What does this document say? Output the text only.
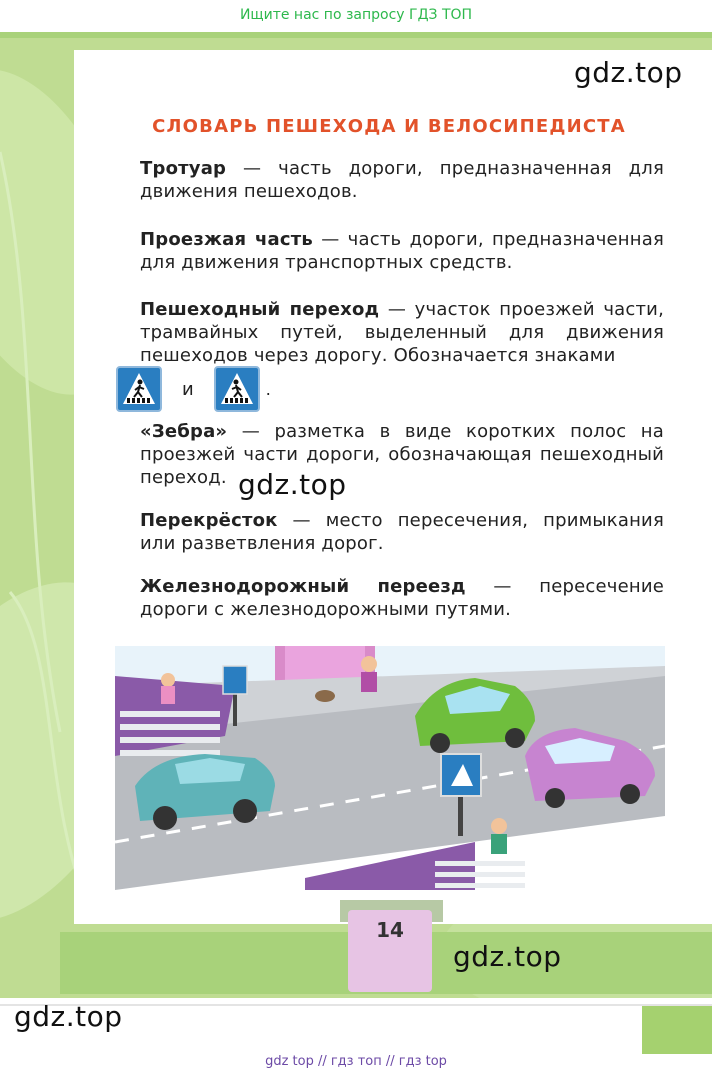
Ищите нас по запросу ГДЗ ТОП
gdz.top
СЛОВАРЬ ПЕШЕХОДА И ВЕЛОСИПЕДИСТА
Тротуар — часть дороги, предназначенная для движения пешеходов.
Проезжая часть — часть дороги, предназначенная для движения транспортных средств.
Пешеходный переход — участок проезжей части, трамвайных путей, выделенный для движения пешеходов через дорогу. Обозначается знаками
и	.
«Зебра» — разметка в виде коротких полос на проезжей части дороги, обозначающая пешеходный переход. gdz.top
Перекрёсток — место пересечения, примыкания или разветвления дорог.
Железнодорожный переезд — пересечение дороги с железнодорожными путями.
14
gdz.top
gdz.top
gdz top // гдз топ // гдз top
